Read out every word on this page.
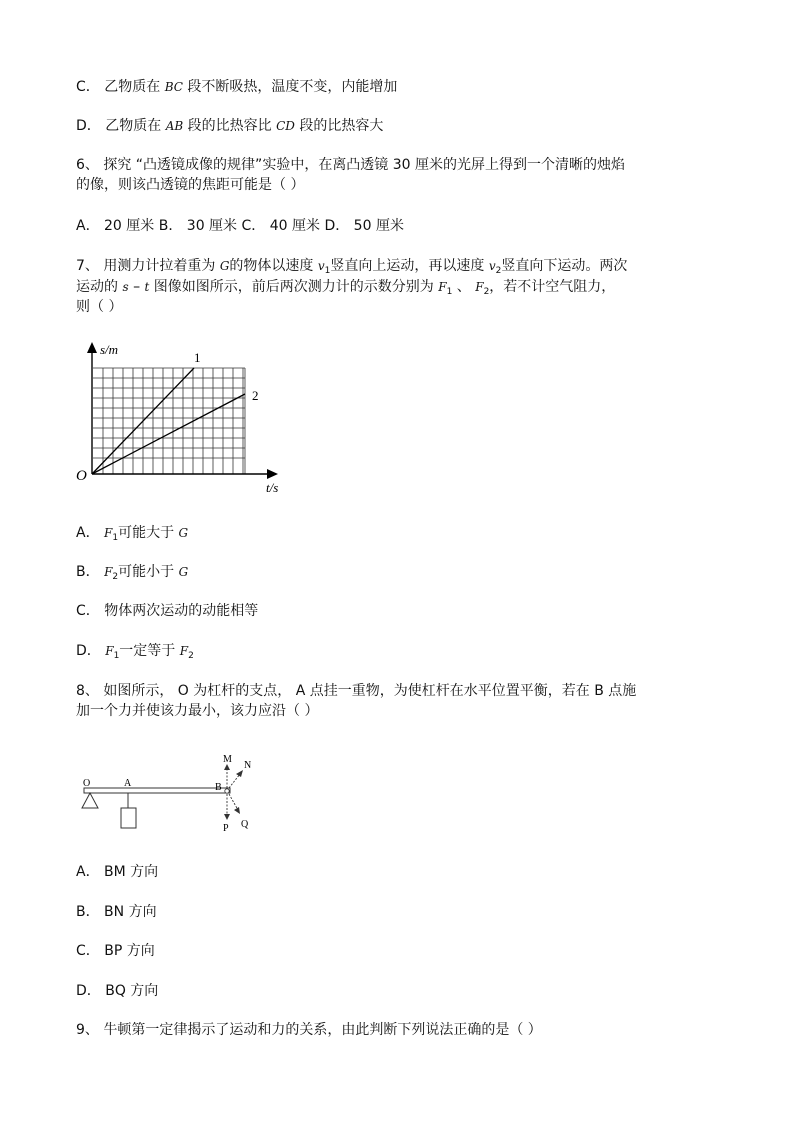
C． 乙物质在 BC 段不断吸热，温度不变，内能增加
D． 乙物质在 AB 段的比热容比 CD 段的比热容大
6、 探究 “凸透镜成像的规律”实验中，在离凸透镜 30 厘米的光屏上得到一个清晰的烛焰
的像，则该凸透镜的焦距可能是（ ）
A． 20 厘米 B． 30 厘米 C． 40 厘米 D． 50 厘米
7、 用测力计拉着重为 G的物体以速度 $v_1$竖直向上运动，再以速度 $v_2$竖直向下运动。两次
运动的 s – t 图像如图所示，前后两次测力计的示数分别为 $F_1$ 、 $F_2$，若不计空气阻力，
则（ ）
s/m
t/s
O
1
2
A． $F_1$可能大于 G
B． $F_2$可能小于 G
C． 物体两次运动的动能相等
D． $F_1$一定等于 $F_2$
8、 如图所示， O 为杠杆的支点， A 点挂一重物，为使杠杆在水平位置平衡，若在 B 点施
加一个力并使该力最小，该力应沿（ ）
O	A	B
M
N
P Q
A． BM 方向
B． BN 方向
C． BP 方向
D． BQ 方向
9、 牛顿第一定律揭示了运动和力的关系，由此判断下列说法正确的是（ ）
